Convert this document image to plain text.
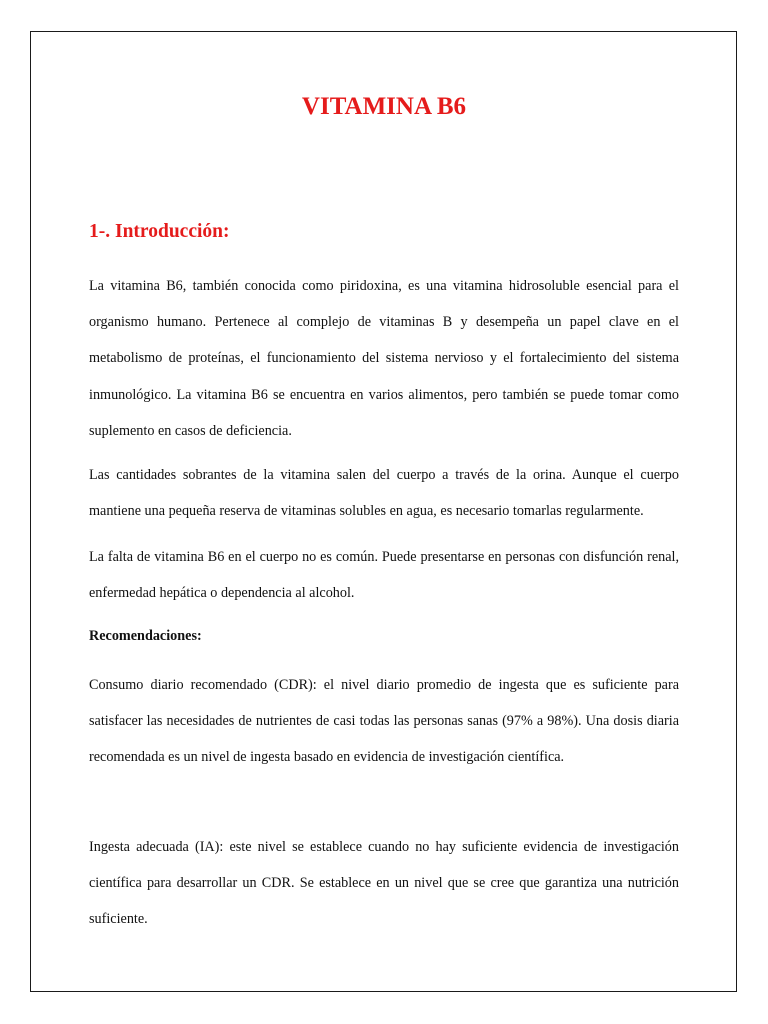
VITAMINA B6
1-. Introducción:

La vitamina B6, también conocida como piridoxina, es una vitamina hidrosoluble esencial para el organismo humano. Pertenece al complejo de vitaminas B y desempeña un papel clave en el metabolismo de proteínas, el funcionamiento del sistema nervioso y el fortalecimiento del sistema inmunológico. La vitamina B6 se encuentra en varios alimentos, pero también se puede tomar como suplemento en casos de deficiencia.

Las cantidades sobrantes de la vitamina salen del cuerpo a través de la orina. Aunque el cuerpo mantiene una pequeña reserva de vitaminas solubles en agua, es necesario tomarlas regularmente.

La falta de vitamina B6 en el cuerpo no es común. Puede presentarse en personas con disfunción renal, enfermedad hepática o dependencia al alcohol.

Recomendaciones:

Consumo diario recomendado (CDR): el nivel diario promedio de ingesta que es suficiente para satisfacer las necesidades de nutrientes de casi todas las personas sanas (97% a 98%). Una dosis diaria recomendada es un nivel de ingesta basado en evidencia de investigación científica.

Ingesta adecuada (IA): este nivel se establece cuando no hay suficiente evidencia de investigación científica para desarrollar un CDR. Se establece en un nivel que se cree que garantiza una nutrición suficiente.
